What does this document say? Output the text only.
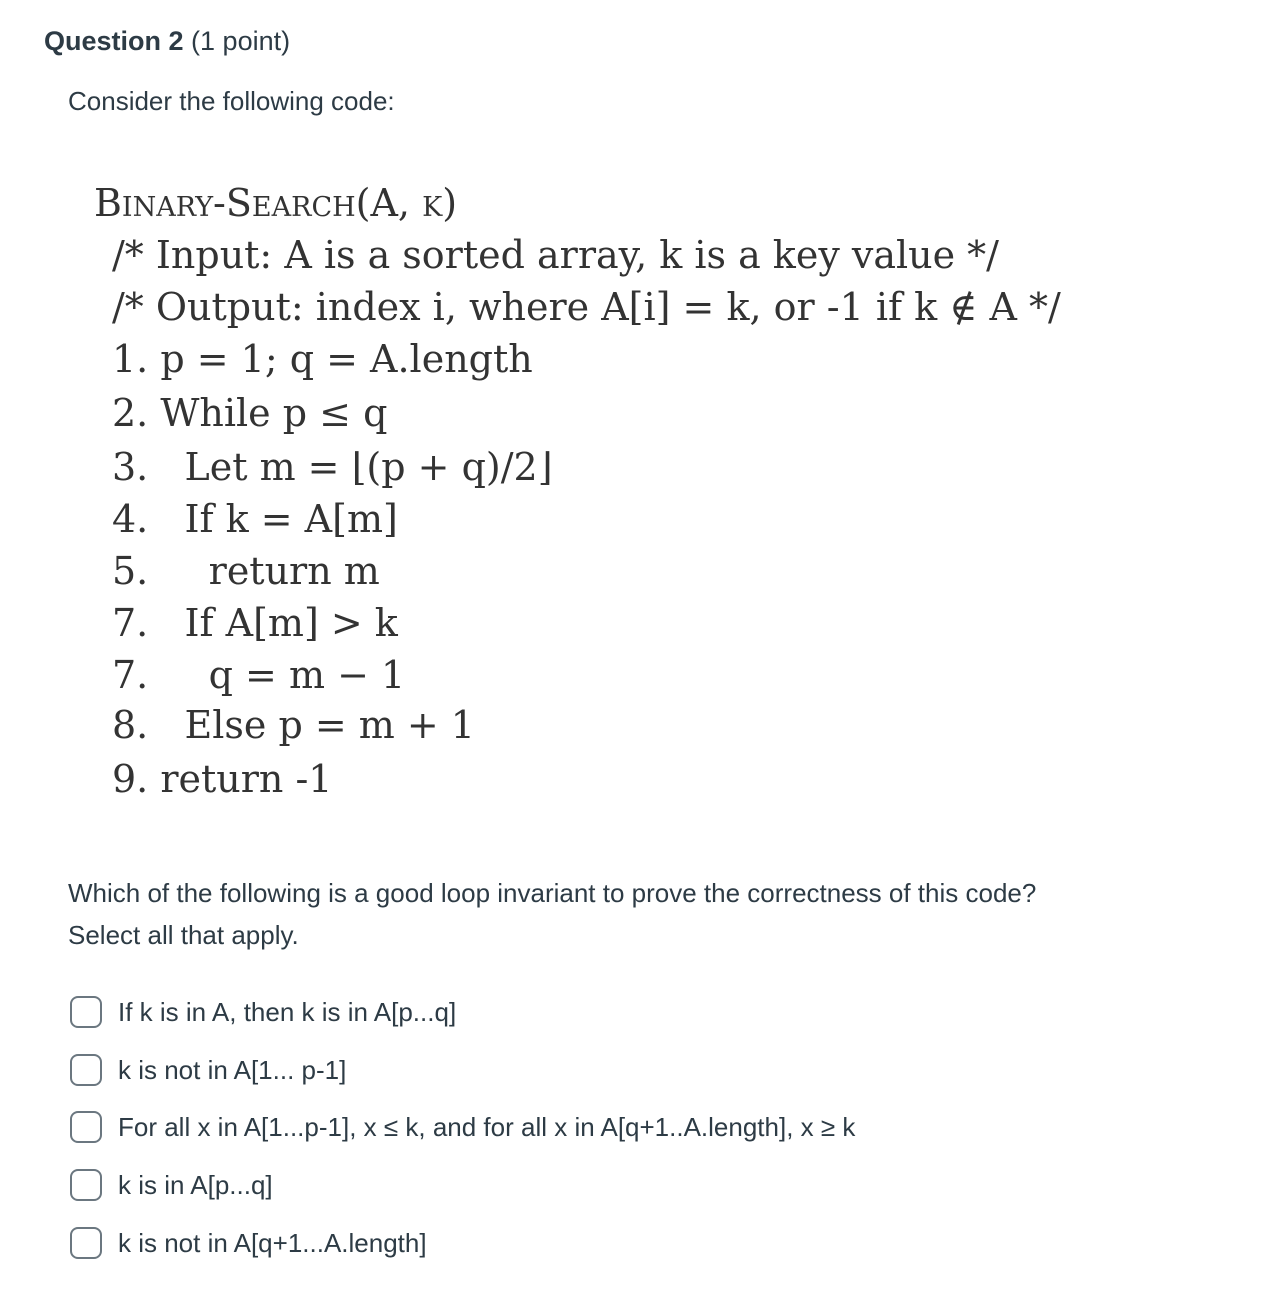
Question 2 (1 point)
Consider the following code:
Binary-Search(A, k)
/* Input: A is a sorted array, k is a key value */
/* Output: index i, where A[i] = k, or -1 if k ∉ A */
1. p = 1; q = A.length
2. While p ≤ q
3.   Let m = ⌊(p + q)/2⌋
4.   If k = A[m]
5.     return m
7.   If A[m] > k
7.     q = m − 1
8.   Else p = m + 1
9. return -1
Which of the following is a good loop invariant to prove the correctness of this code?
Select all that apply.
If k is in A, then k is in A[p...q]
k is not in A[1... p-1]
For all x in A[1...p-1], x ≤ k, and for all x in A[q+1..A.length], x ≥ k
k is in A[p...q]
k is not in A[q+1...A.length]
